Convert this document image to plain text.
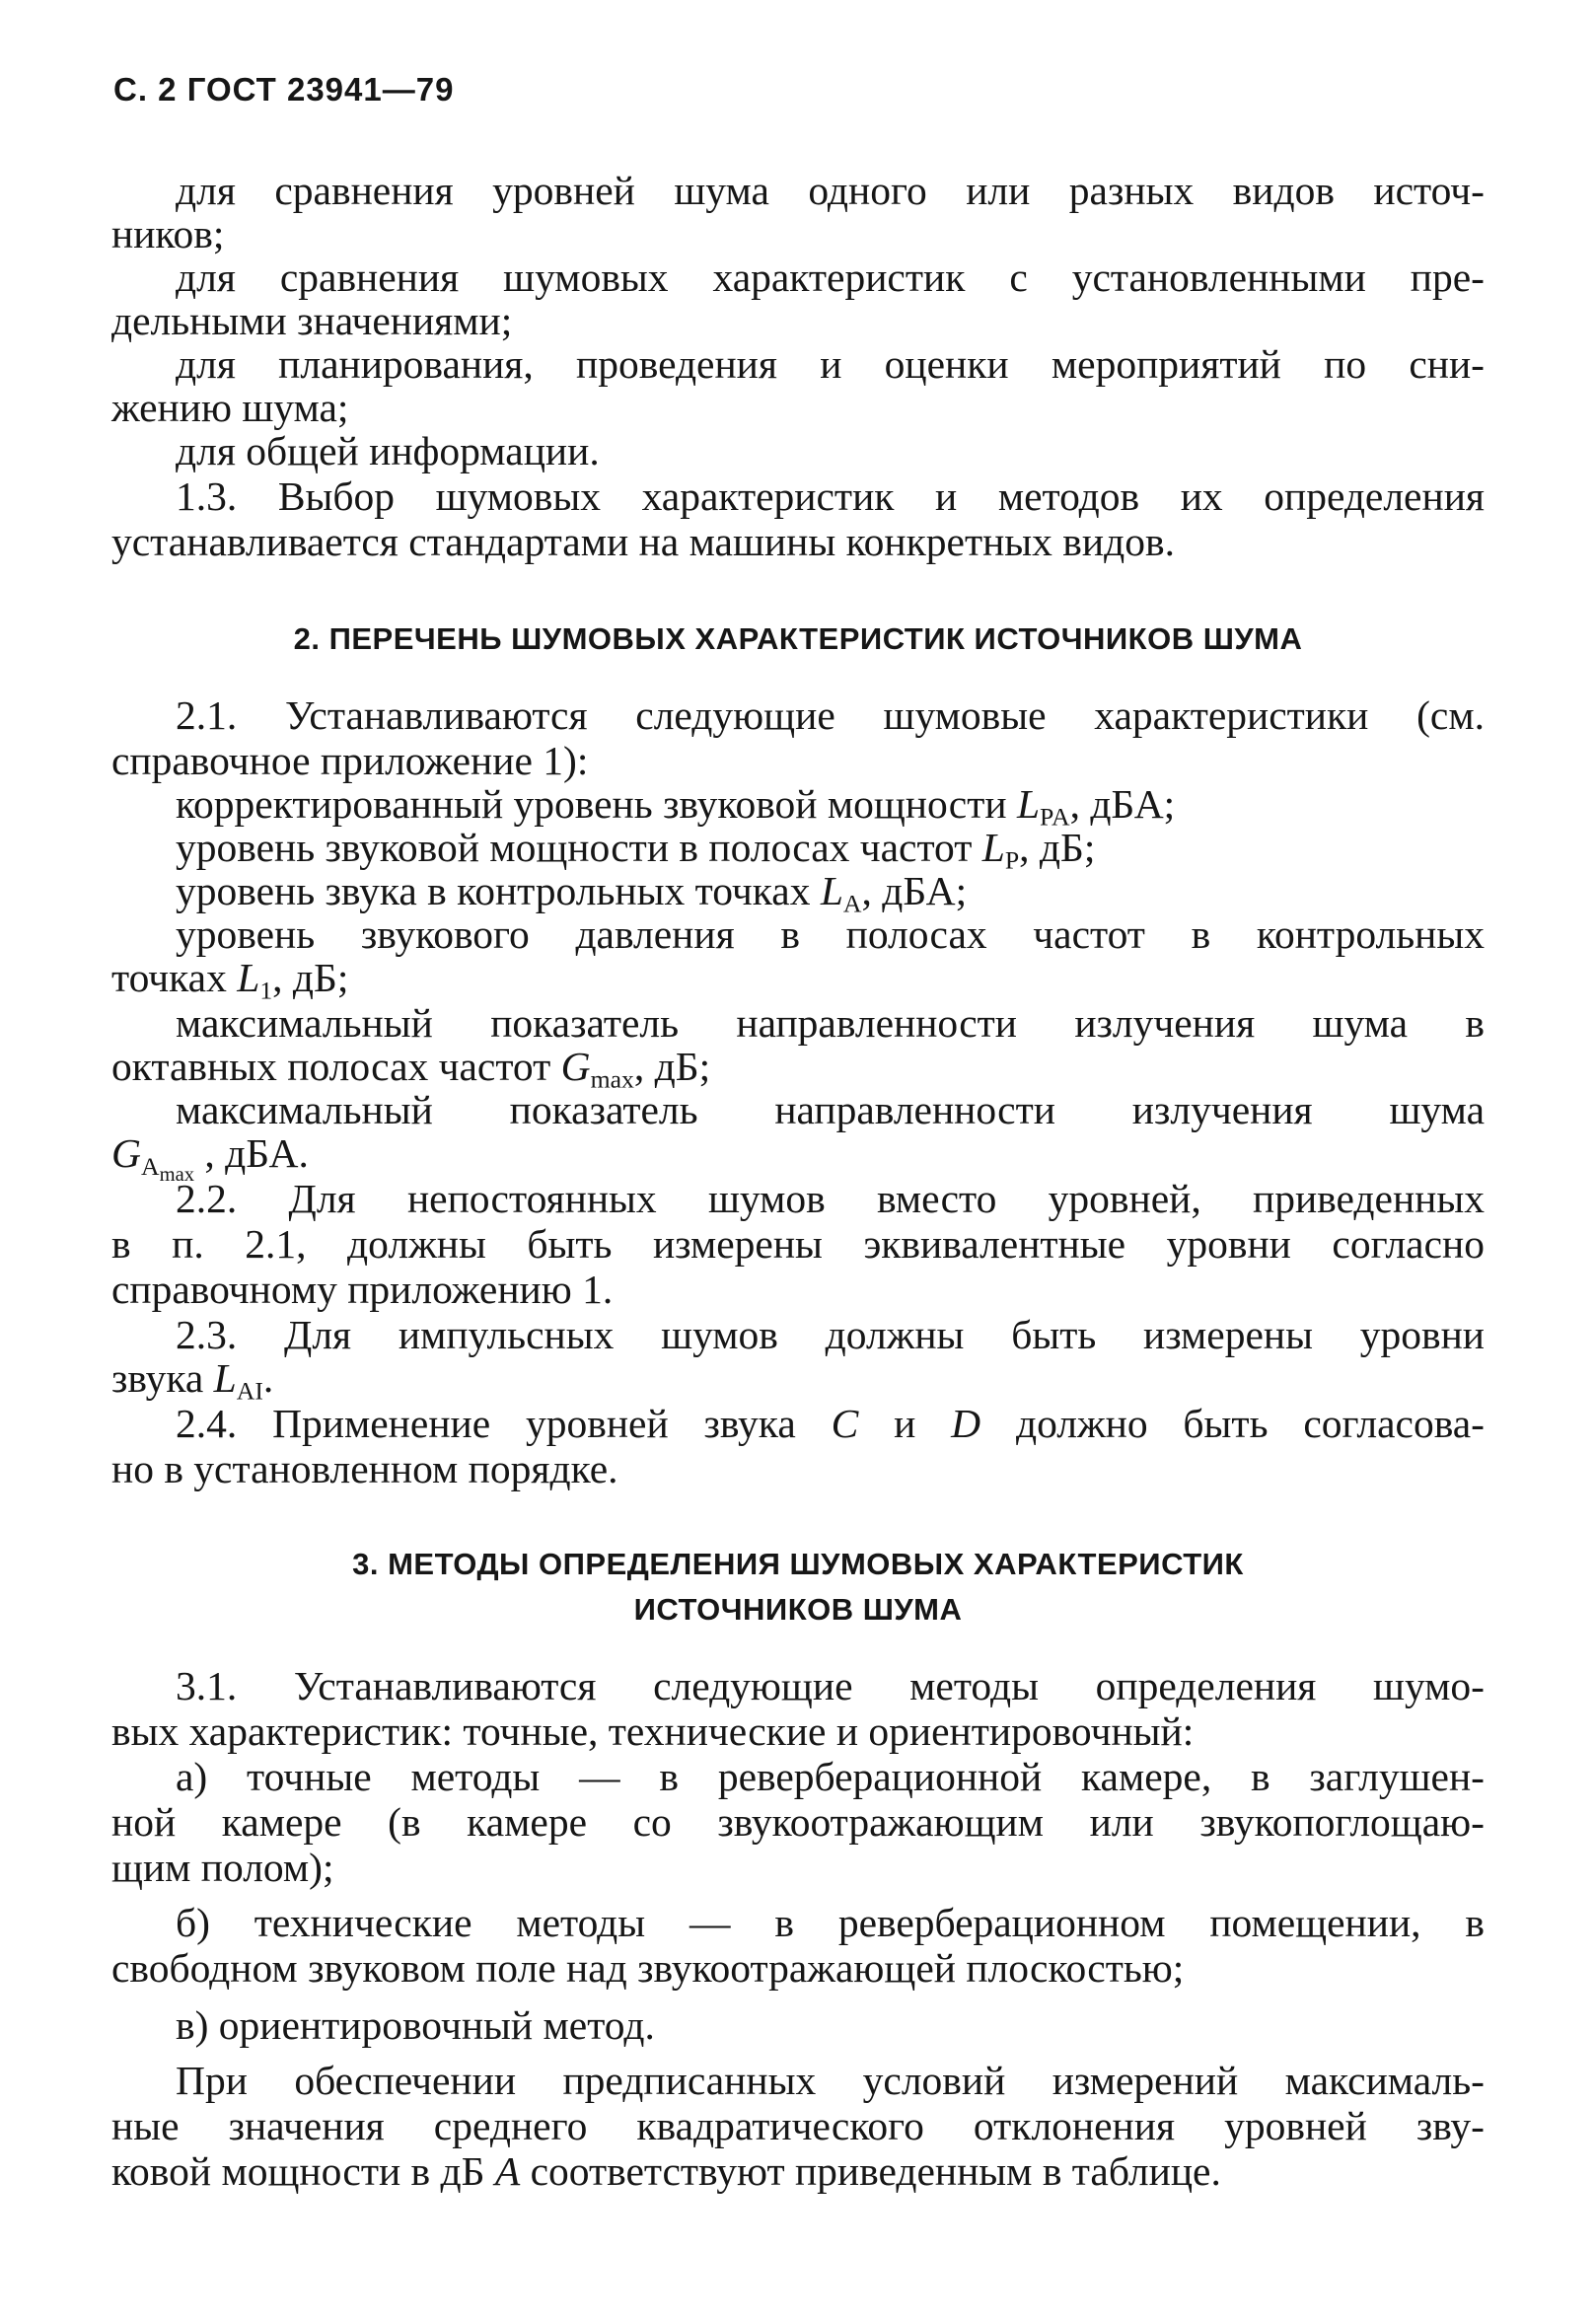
С. 2 ГОСТ 23941—79
для сравнения уровней шума одного или разных видов источ-
ников;
для сравнения шумовых характеристик с установленными пре-
дельными значениями;
для планирования, проведения и оценки мероприятий по сни-
жению шума;
для общей информации.
1.3. Выбор шумовых характеристик и методов их определения
устанавливается стандартами на машины конкретных видов.
2. ПЕРЕЧЕНЬ ШУМОВЫХ ХАРАКТЕРИСТИК ИСТОЧНИКОВ ШУМА
2.1. Устанавливаются следующие шумовые характеристики (см.
справочное приложение 1):
корректированный уровень звуковой мощности $L_{PA}$, дБА;
уровень звуковой мощности в полосах частот $L_P$, дБ;
уровень звука в контрольных точках $L_A$, дБА;
уровень звукового давления в полосах частот в контрольных
точках $L_1$, дБ;
максимальный показатель направленности излучения шума в
октавных полосах частот $G_{max}$, дБ;
максимальный показатель направленности излучения шума
$G_{A_{max}}$ , дБА.
2.2. Для непостоянных шумов вместо уровней, приведенных
в п. 2.1, должны быть измерены эквивалентные уровни согласно
справочному приложению 1.
2.3. Для импульсных шумов должны быть измерены уровни
звука $L_{AI}$.
2.4. Применение уровней звука C и D должно быть согласова-
но в установленном порядке.
3. МЕТОДЫ ОПРЕДЕЛЕНИЯ ШУМОВЫХ ХАРАКТЕРИСТИК
ИСТОЧНИКОВ ШУМА
3.1. Устанавливаются следующие методы определения шумо-
вых характеристик: точные, технические и ориентировочный:
а) точные методы — в реверберационной камере, в заглушен-
ной камере (в камере со звукоотражающим или звукопоглощаю-
щим полом);
б) технические методы — в реверберационном помещении, в
свободном звуковом поле над звукоотражающей плоскостью;
в) ориентировочный метод.
При обеспечении предписанных условий измерений максималь-
ные значения среднего квадратического отклонения уровней зву-
ковой мощности в дБ А соответствуют приведенным в таблице.
